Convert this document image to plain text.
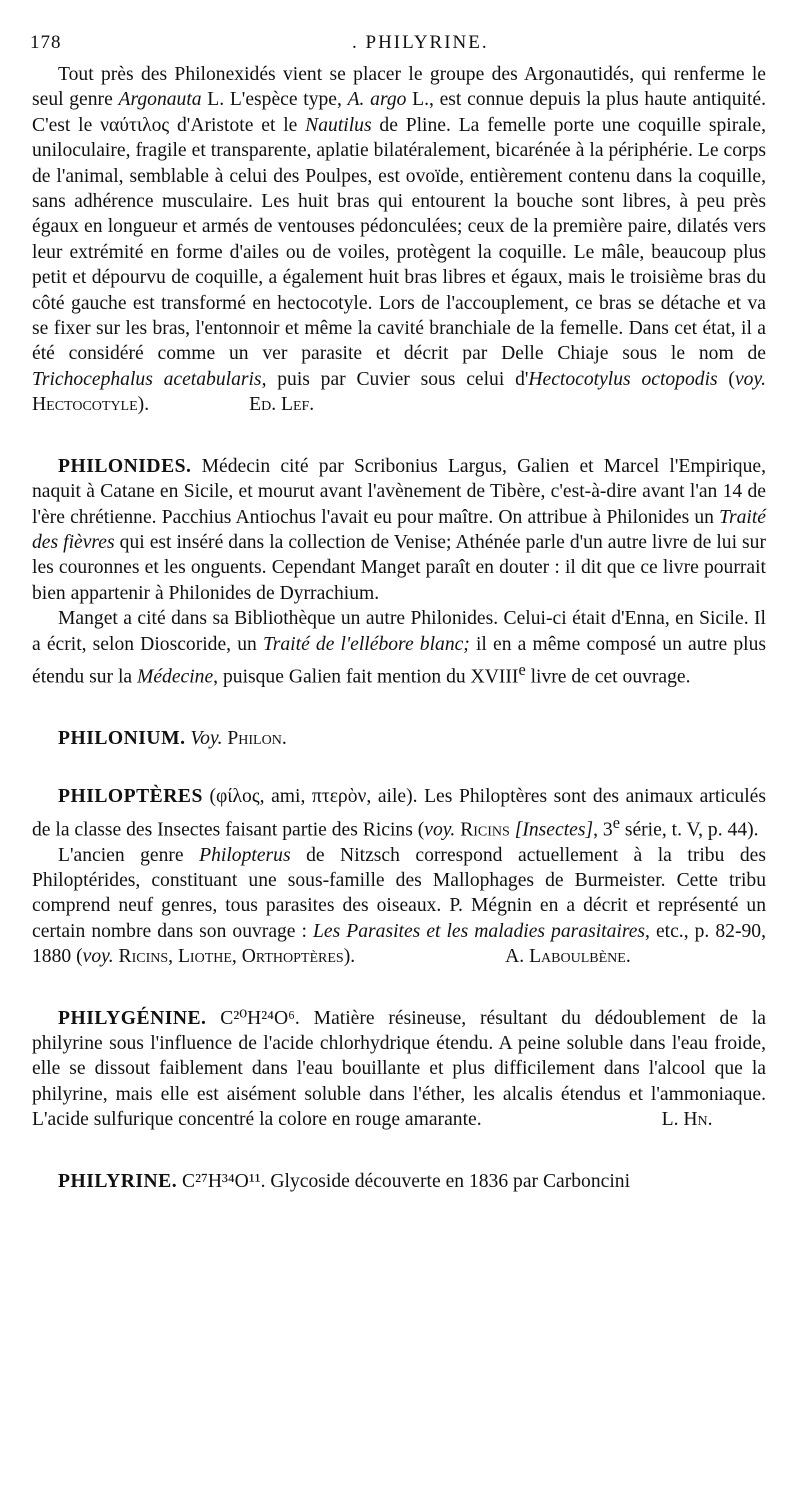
178	. PHILYRINE.

Tout près des Philonexidés vient se placer le groupe des Argonautidés, qui renferme le seul genre Argonauta L. L'espèce type, A. argo L., est connue depuis la plus haute antiquité. C'est le ναύτιλος d'Aristote et le Nautilus de Pline. La femelle porte une coquille spirale, uniloculaire, fragile et transparente, aplatie bilatéralement, bicarénée à la périphérie. Le corps de l'animal, semblable à celui des Poulpes, est ovoïde, entièrement contenu dans la coquille, sans adhérence musculaire. Les huit bras qui entourent la bouche sont libres, à peu près égaux en longueur et armés de ventouses pédonculées; ceux de la première paire, dilatés vers leur extrémité en forme d'ailes ou de voiles, protègent la coquille. Le mâle, beaucoup plus petit et dépourvu de coquille, a également huit bras libres et égaux, mais le troisième bras du côté gauche est transformé en hectocotyle. Lors de l'accouplement, ce bras se détache et va se fixer sur les bras, l'entonnoir et même la cavité branchiale de la femelle. Dans cet état, il a été considéré comme un ver parasite et décrit par Delle Chiaje sous le nom de Trichocephalus acetabularis, puis par Cuvier sous celui d'Hectocotylus octopodis (voy. Hectocotyle).	Ed. Lef.

PHILONIDES. Médecin cité par Scribonius Largus, Galien et Marcel l'Empirique, naquit à Catane en Sicile, et mourut avant l'avènement de Tibère, c'est-à-dire avant l'an 14 de l'ère chrétienne. Pacchius Antiochus l'avait eu pour maître. On attribue à Philonides un Traité des fièvres qui est inséré dans la collection de Venise; Athénée parle d'un autre livre de lui sur les couronnes et les onguents. Cependant Manget paraît en douter : il dit que ce livre pourrait bien appartenir à Philonides de Dyrrachium.

Manget a cité dans sa Bibliothèque un autre Philonides. Celui-ci était d'Enna, en Sicile. Il a écrit, selon Dioscoride, un Traité de l'ellébore blanc; il en a même composé un autre plus étendu sur la Médecine, puisque Galien fait mention du XVIIIe livre de cet ouvrage.

PHILONIUM. Voy. Philon.

PHILOPTÈRES (φίλος, ami, πτερὸν, aile). Les Philoptères sont des animaux articulés de la classe des Insectes faisant partie des Ricins (voy. Ricins [Insectes], 3e série, t. V, p. 44).

L'ancien genre Philopterus de Nitzsch correspond actuellement à la tribu des Philoptérides, constituant une sous-famille des Mallophages de Burmeister. Cette tribu comprend neuf genres, tous parasites des oiseaux. P. Mégnin en a décrit et représenté un certain nombre dans son ouvrage : Les Parasites et les maladies parasitaires, etc., p. 82-90, 1880 (voy. Ricins, Liothe, Orthoptères).	A. Laboulbène.

PHILYGÉNINE. C²⁰H²⁴O⁶. Matière résineuse, résultant du dédoublement de la philyrine sous l'influence de l'acide chlorhydrique étendu. A peine soluble dans l'eau froide, elle se dissout faiblement dans l'eau bouillante et plus difficilement dans l'alcool que la philyrine, mais elle est aisément soluble dans l'éther, les alcalis étendus et l'ammoniaque. L'acide sulfurique concentré la colore en rouge amarante.	L. Hn.

PHILYRINE. C²⁷H³⁴O¹¹. Glycoside découverte en 1836 par Carboncini
